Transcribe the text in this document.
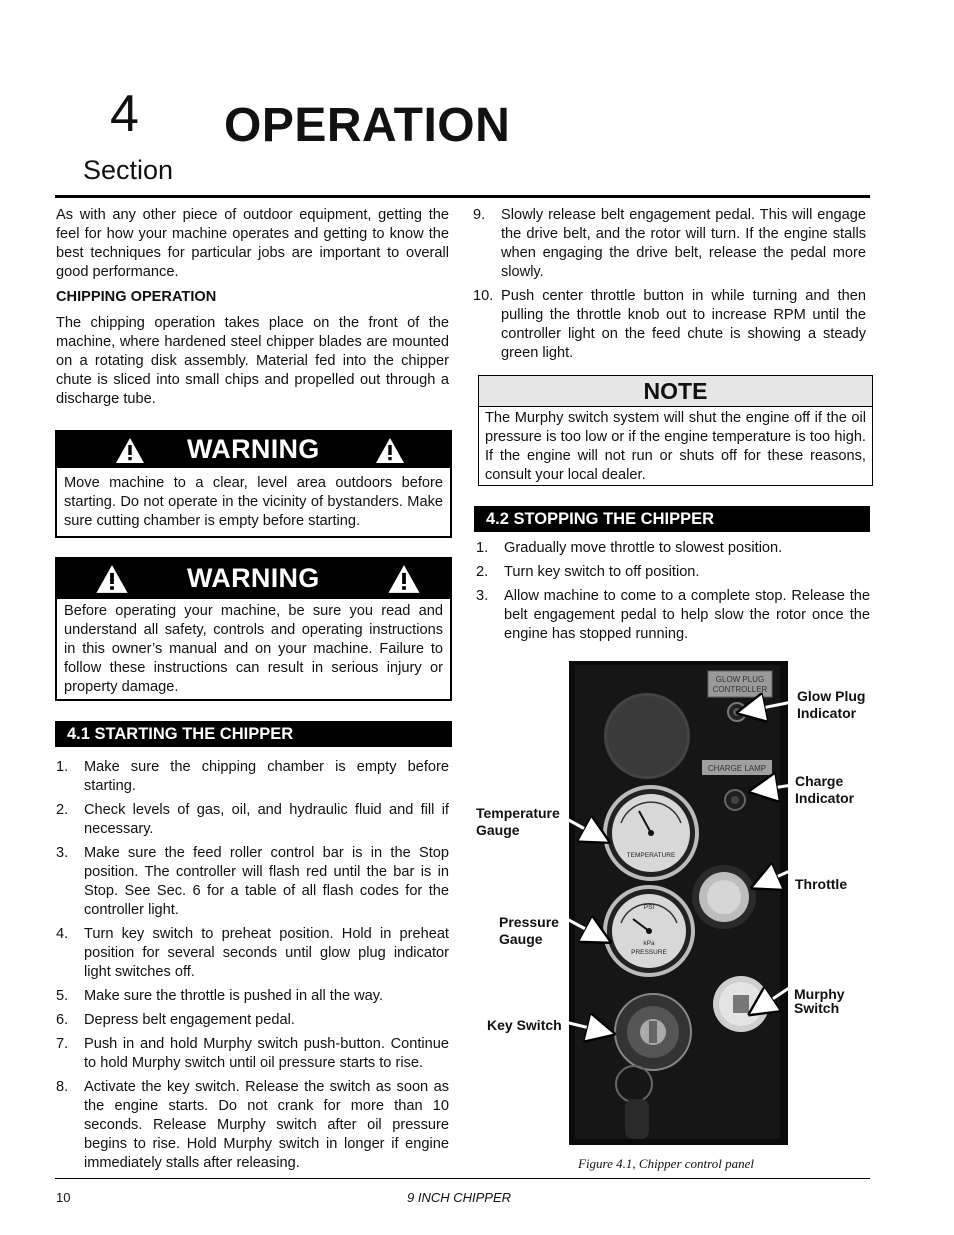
4 OPERATION
Section
As with any other piece of outdoor equipment, getting the feel for how your machine operates and getting to know the best techniques for particular jobs are important to overall good performance.
CHIPPING OPERATION
The chipping operation takes place on the front of the machine, where hardened steel chipper blades are mounted on a rotating disk assembly. Material fed into the chipper chute is sliced into small chips and propelled out through a discharge tube.
WARNING
Move machine to a clear, level area outdoors before starting. Do not operate in the vicinity of bystanders. Make sure cutting chamber is empty before starting.
WARNING
Before operating your machine, be sure you read and understand all safety, controls and operating instructions in this owner’s manual and on your machine. Failure to follow these instructions can result in serious injury or property damage.
4.1 STARTING THE CHIPPER
1. Make sure the chipping chamber is empty before starting.
2. Check levels of gas, oil, and hydraulic fluid and fill if necessary.
3. Make sure the feed roller control bar is in the Stop position. The controller will flash red until the bar is in Stop. See Sec. 6 for a table of all flash codes for the controller light.
4. Turn key switch to preheat position. Hold in preheat position for several seconds until glow plug indicator light switches off.
5. Make sure the throttle is pushed in all the way.
6. Depress belt engagement pedal.
7. Push in and hold Murphy switch push-button. Continue to hold Murphy switch until oil pressure starts to rise.
8. Activate the key switch. Release the switch as soon as the engine starts. Do not crank for more than 10 seconds. Release Murphy switch after oil pressure begins to rise. Hold Murphy switch in longer if engine immediately stalls after releasing.
9. Slowly release belt engagement pedal. This will engage the drive belt, and the rotor will turn. If the engine stalls when engaging the drive belt, release the pedal more slowly.
10. Push center throttle button in while turning and then pulling the throttle knob out to increase RPM until the controller light on the feed chute is showing a steady green light.
NOTE
The Murphy switch system will shut the engine off if the oil pressure is too low or if the engine temperature is too high. If the engine will not run or shuts off for these reasons, consult your local dealer.
4.2 STOPPING THE CHIPPER
1. Gradually move throttle to slowest position.
2. Turn key switch to off position.
3. Allow machine to come to a complete stop. Release the belt engagement pedal to help slow the rotor once the engine has stopped running.
GLOW PLUG
CONTROLLER
CHARGE LAMP
TEMPERATURE
PSI
kPa
PRESSURE
Glow Plug
Indicator
Charge
Indicator
Temperature
Gauge
Throttle
Pressure
Gauge
Murphy
Switch
Key Switch
Figure 4.1, Chipper control panel
10	9 INCH CHIPPER
